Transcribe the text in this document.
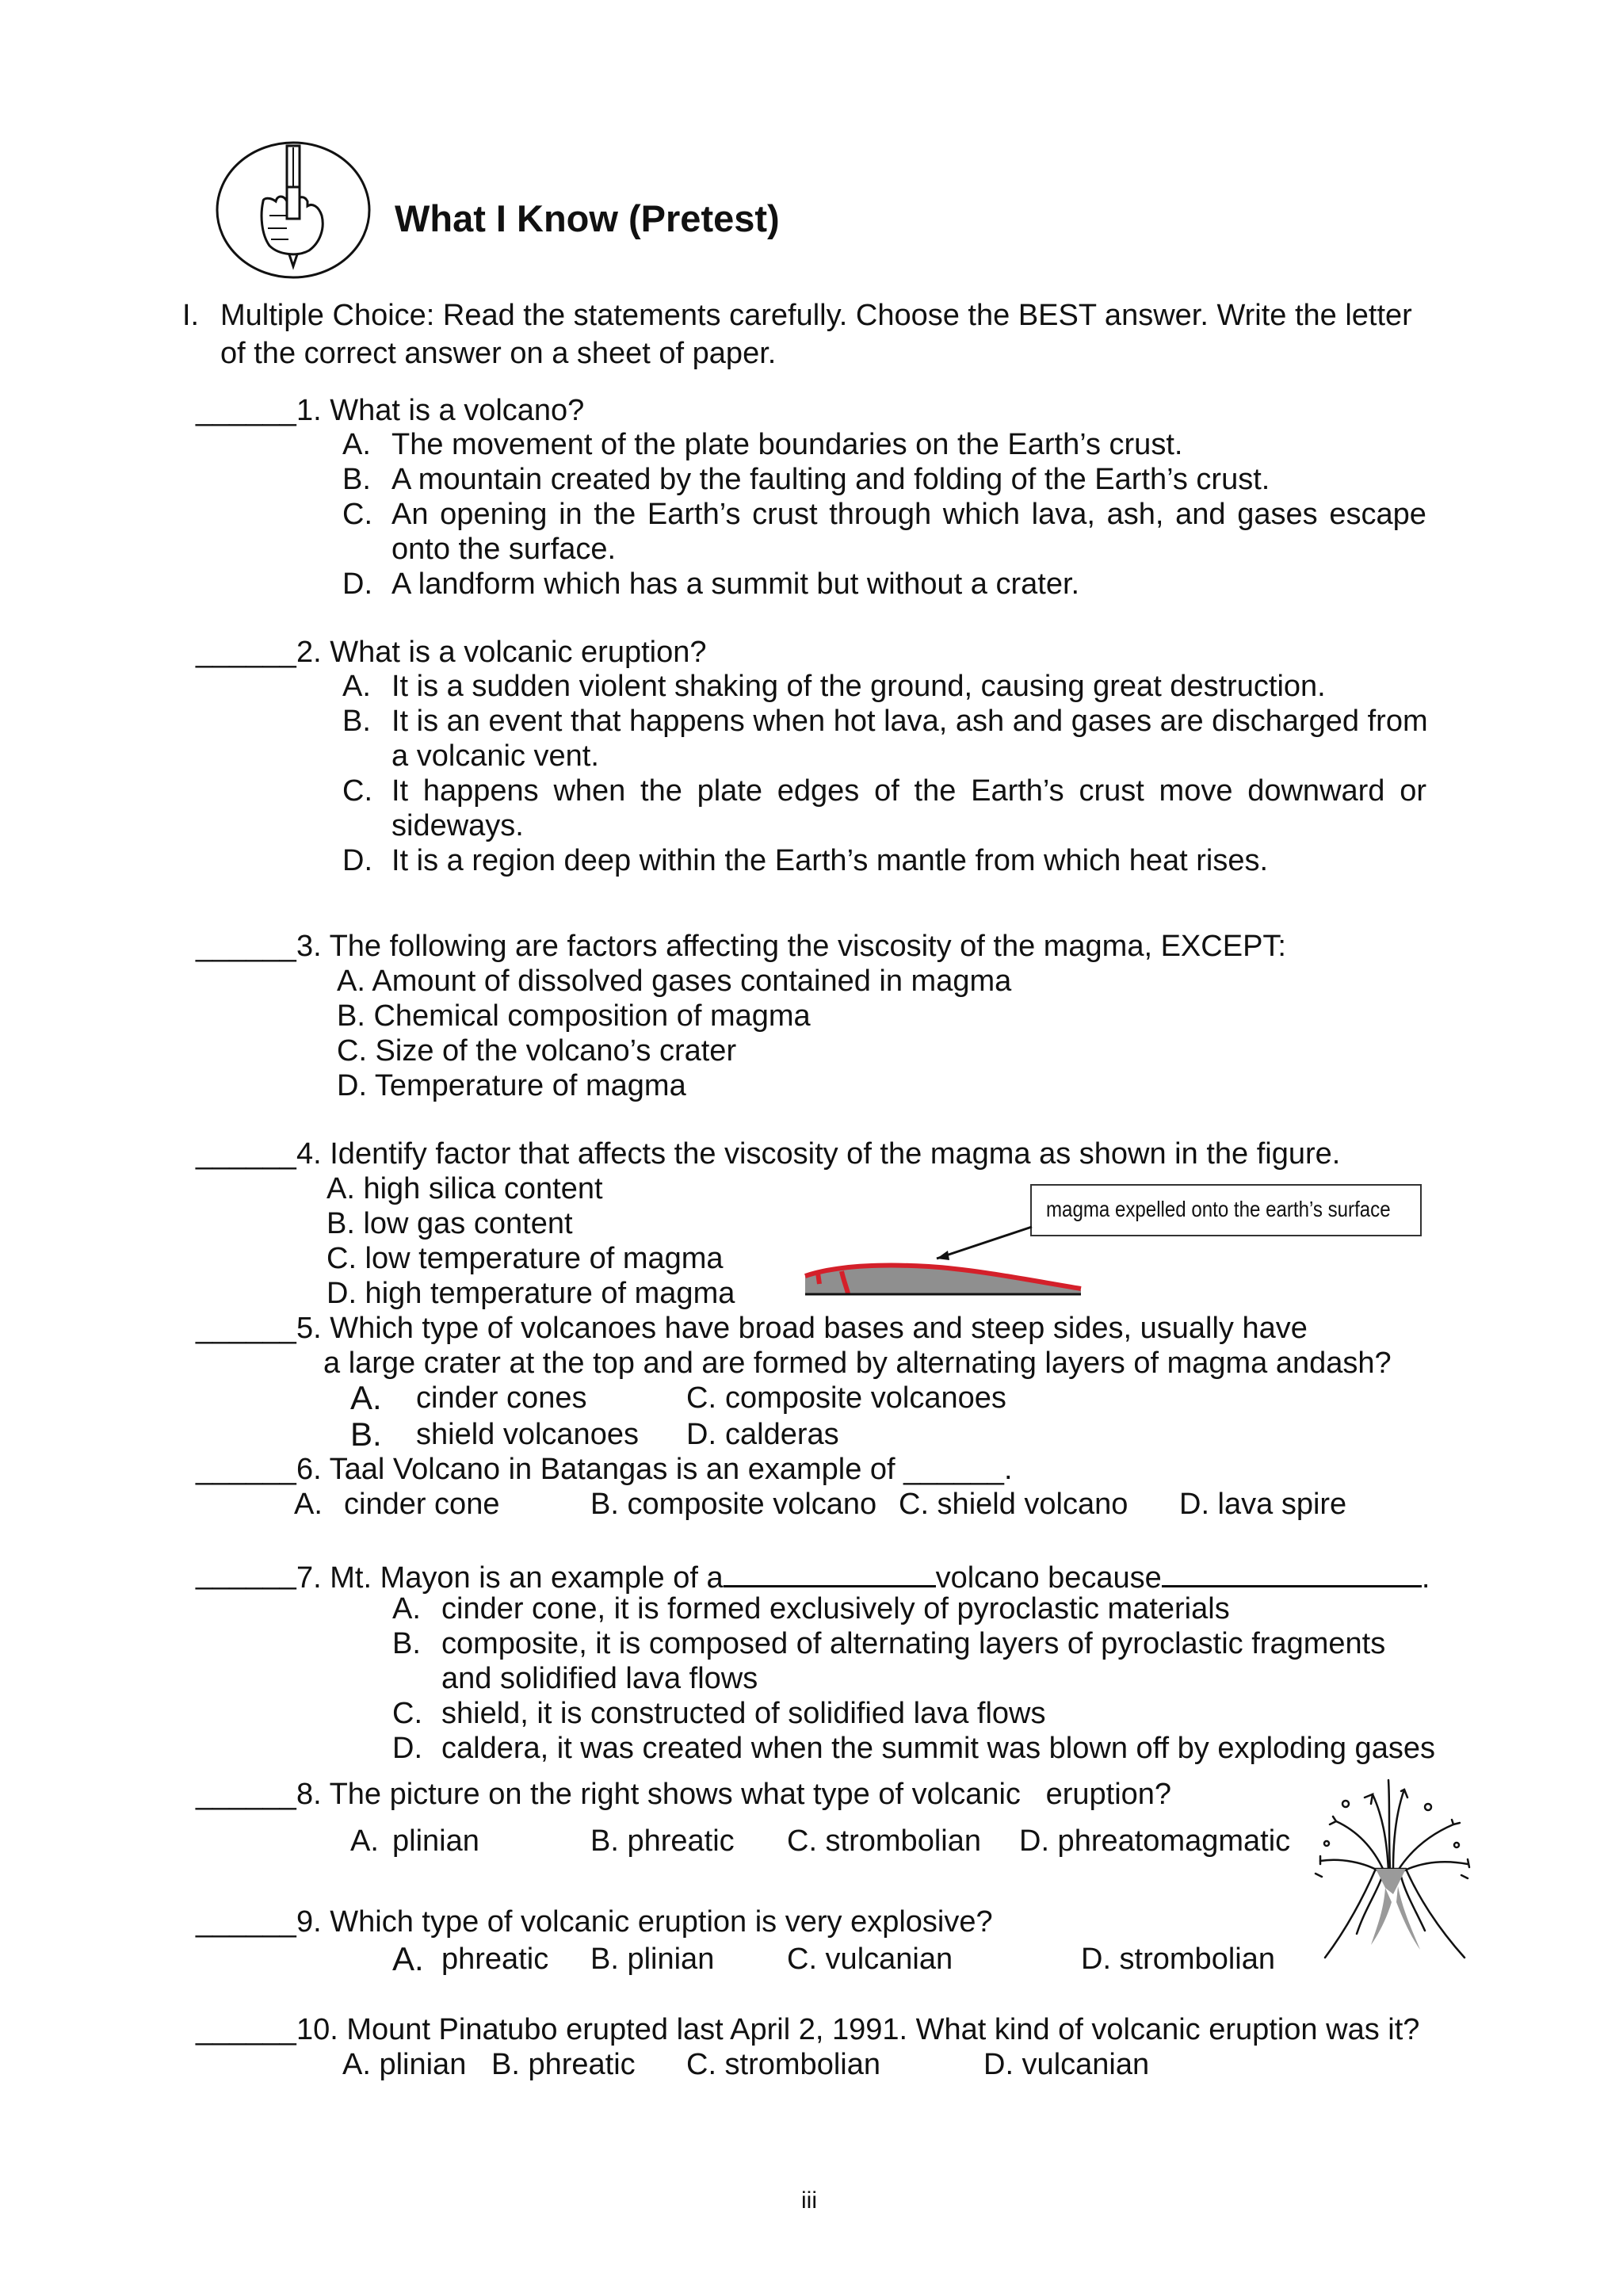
What I Know (Pretest)
I. Multiple Choice: Read the statements carefully. Choose the BEST answer. Write the letter
of the correct answer on a sheet of paper.
______ 1. What is a volcano?
A. The movement of the plate boundaries on the Earth’s crust.
B. A mountain created by the faulting and folding of the Earth’s crust.
C. An opening in the Earth’s crust through which lava, ash, and gases escape
onto the surface.
D. A landform which has a summit but without a crater.
______ 2. What is a volcanic eruption?
A. It is a sudden violent shaking of the ground, causing great destruction.
B. It is an event that happens when hot lava, ash and gases are discharged from
a volcanic vent.
C. It happens when the plate edges of the Earth’s crust move downward or
sideways.
D. It is a region deep within the Earth’s mantle from which heat rises.
______ 3. The following are factors affecting the viscosity of the magma, EXCEPT:
A. Amount of dissolved gases contained in magma
B. Chemical composition of magma
C. Size of the volcano’s crater
D. Temperature of magma
______ 4. Identify factor that affects the viscosity of the magma as shown in the figure.
A. high silica content
B. low gas content
C. low temperature of magma
D. high temperature of magma
magma expelled onto the earth’s surface
______ 5. Which type of volcanoes have broad bases and steep sides, usually have
a large crater at the top and are formed by alternating layers of magma andash?
A. cinder cones	C. composite volcanoes
B. shield volcanoes D. calderas
______ 6. Taal Volcano in Batangas is an example of ______.
A. cinder cone	B. composite volcano C. shield volcano D. lava spire
______ 7. Mt. Mayon is an example of a	volcano because	.
A. cinder cone, it is formed exclusively of pyroclastic materials
B. composite, it is composed of alternating layers of pyroclastic fragments
and solidified lava flows
C. shield, it is constructed of solidified lava flows
D. caldera, it was created when the summit was blown off by exploding gases
______ 8. The picture on the right shows what type of volcanic   eruption?
A. plinian	B. phreatic C. strombolian D. phreatomagmatic
______ 9. Which type of volcanic eruption is very explosive?
A. phreatic B. plinian C. vulcanian	D. strombolian
______ 10. Mount Pinatubo erupted last April 2, 1991. What kind of volcanic eruption was it?
A. plinian B. phreatic C. strombolian	D. vulcanian
iii
